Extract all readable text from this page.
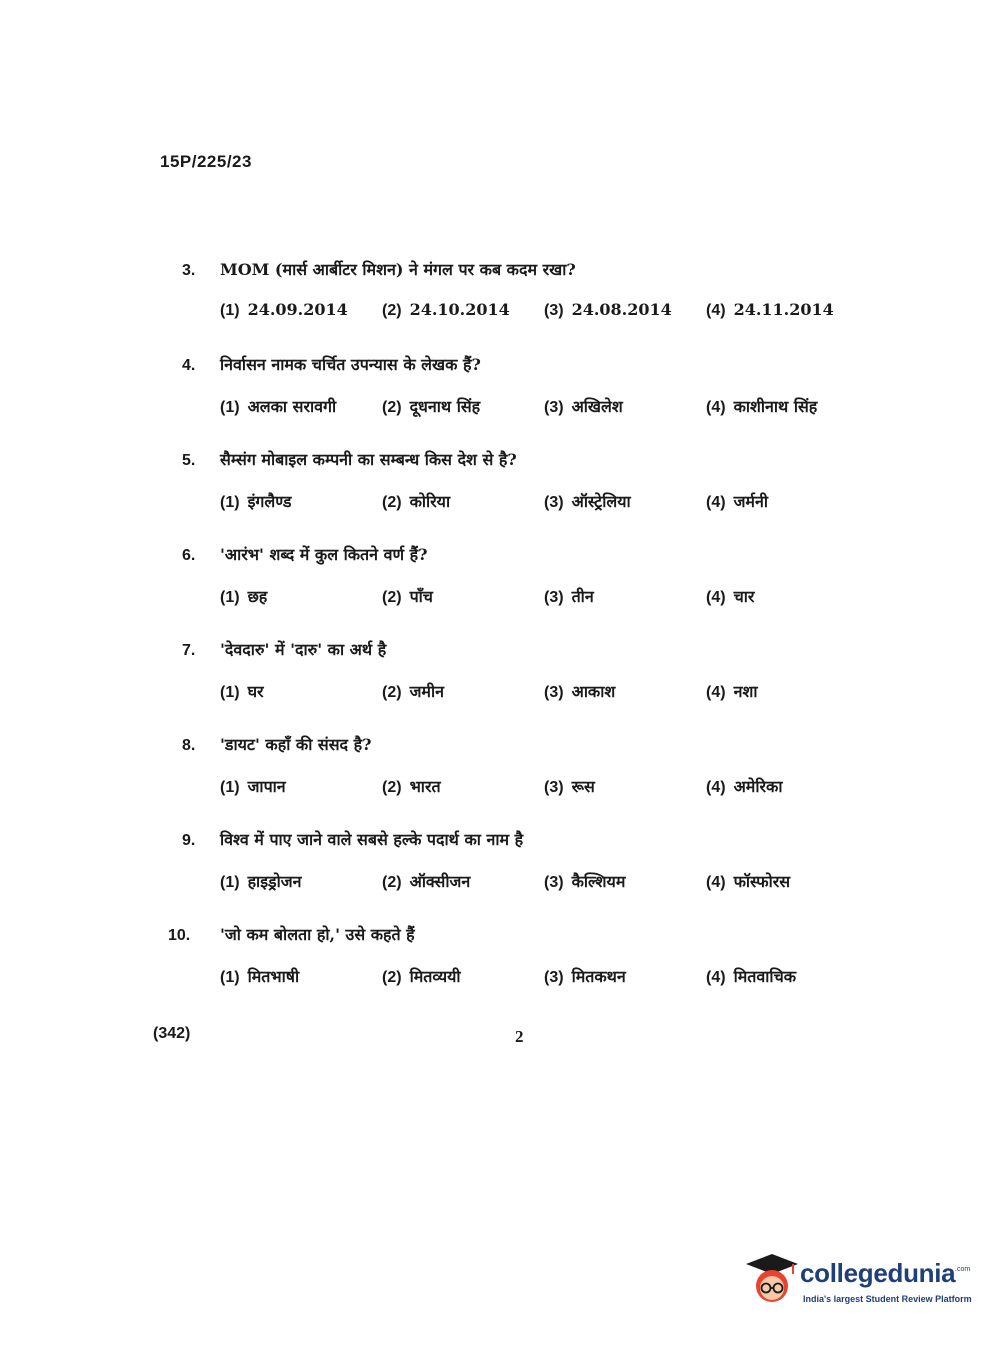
15P/225/23
3.	MOM (मार्स आर्बीटर मिशन) ने मंगल पर कब कदम रखा?
(1) 24.09.2014	(2) 24.10.2014	(3) 24.08.2014	(4) 24.11.2014
4.	निर्वासन नामक चर्चित उपन्यास के लेखक हैं?
(1) अलका सरावगी	(2) दूधनाथ सिंह	(3) अखिलेश	(4) काशीनाथ सिंह
5.	सैम्संग मोबाइल कम्पनी का सम्बन्ध किस देश से है?
(1) इंगलैण्ड	(2) कोरिया	(3) ऑस्ट्रेलिया	(4) जर्मनी
6.	'आरंभ' शब्द में कुल कितने वर्ण हैं?
(1) छह	(2) पाँच	(3) तीन	(4) चार
7.	'देवदारु' में 'दारु' का अर्थ है
(1) घर	(2) जमीन	(3) आकाश	(4) नशा
8.	'डायट' कहाँ की संसद है?
(1) जापान	(2) भारत	(3) रूस	(4) अमेरिका
9.	विश्व में पाए जाने वाले सबसे हल्के पदार्थ का नाम है
(1) हाइड्रोजन	(2) ऑक्सीजन	(3) कैल्शियम	(4) फॉस्फोरस
10.	'जो कम बोलता हो,' उसे कहते हैं
(1) मितभाषी	(2) मितव्ययी	(3) मितकथन	(4) मितवाचिक
(342)	2
collegedunia .com
India's largest Student Review Platform
